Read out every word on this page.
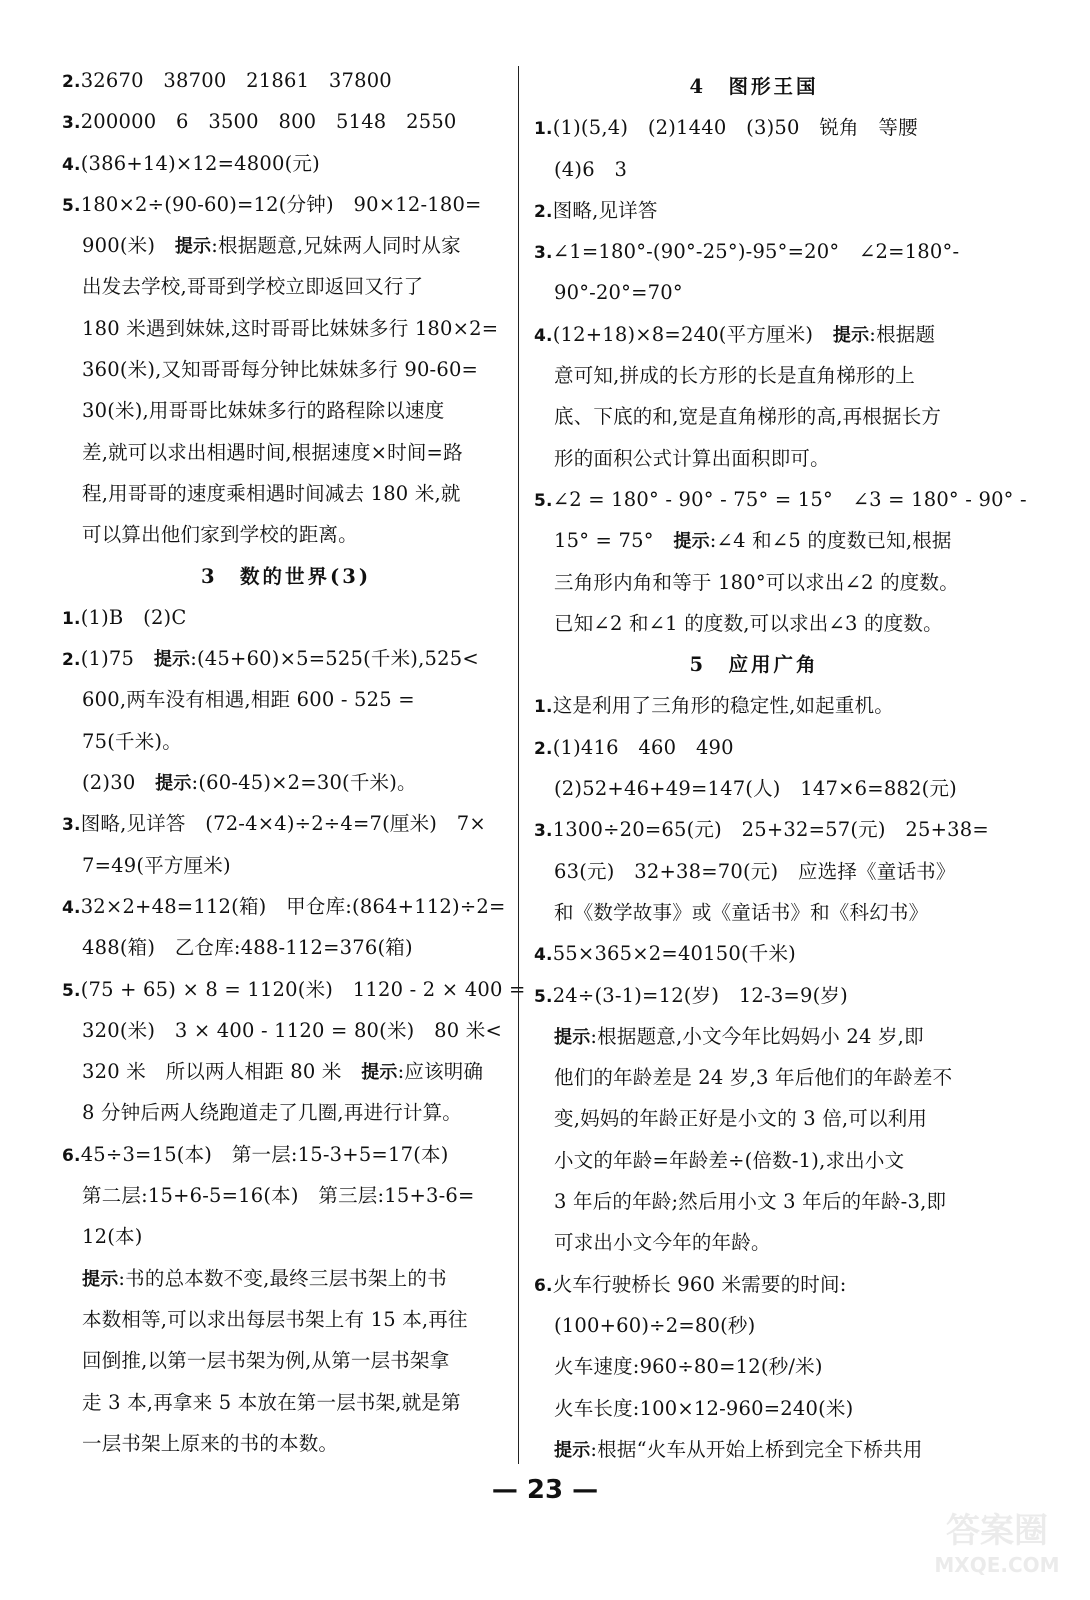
2.32670　38700　21861　37800
3.200000　6　3500　800　5148　2550
4.(386+14)×12=4800(元)
5.180×2÷(90-60)=12(分钟)　90×12-180=
900(米)　提示:根据题意,兄妹两人同时从家
出发去学校,哥哥到学校立即返回又行了
180 米遇到妹妹,这时哥哥比妹妹多行 180×2=
360(米),又知哥哥每分钟比妹妹多行 90-60=
30(米),用哥哥比妹妹多行的路程除以速度
差,就可以求出相遇时间,根据速度×时间=路
程,用哥哥的速度乘相遇时间减去 180 米,就
可以算出他们家到学校的距离。
3　数的世界(3)
1.(1)B　(2)C
2.(1)75　提示:(45+60)×5=525(千米),525<
600,两车没有相遇,相距 600 - 525 =
75(千米)。
(2)30　提示:(60-45)×2=30(千米)。
3.图略,见详答　(72-4×4)÷2÷4=7(厘米)　7×
7=49(平方厘米)
4.32×2+48=112(箱)　甲仓库:(864+112)÷2=
488(箱)　乙仓库:488-112=376(箱)
5.(75 + 65) × 8 = 1120(米)　1120 - 2 × 400 =
320(米)　3 × 400 - 1120 = 80(米)　80 米<
320 米　所以两人相距 80 米　提示:应该明确
8 分钟后两人绕跑道走了几圈,再进行计算。
6.45÷3=15(本)　第一层:15-3+5=17(本)
第二层:15+6-5=16(本)　第三层:15+3-6=
12(本)
提示:书的总本数不变,最终三层书架上的书
本数相等,可以求出每层书架上有 15 本,再往
回倒推,以第一层书架为例,从第一层书架拿
走 3 本,再拿来 5 本放在第一层书架,就是第
一层书架上原来的书的本数。
4　图形王国
1.(1)(5,4)　(2)1440　(3)50　锐角　等腰
(4)6　3
2.图略,见详答
3.∠1=180°-(90°-25°)-95°=20°　∠2=180°-
90°-20°=70°
4.(12+18)×8=240(平方厘米)　提示:根据题
意可知,拼成的长方形的长是直角梯形的上
底、下底的和,宽是直角梯形的高,再根据长方
形的面积公式计算出面积即可。
5.∠2 = 180° - 90° - 75° = 15°　∠3 = 180° - 90° -
15° = 75°　提示:∠4 和∠5 的度数已知,根据
三角形内角和等于 180°可以求出∠2 的度数。
已知∠2 和∠1 的度数,可以求出∠3 的度数。
5　应用广角
1.这是利用了三角形的稳定性,如起重机。
2.(1)416　460　490
(2)52+46+49=147(人)　147×6=882(元)
3.1300÷20=65(元)　25+32=57(元)　25+38=
63(元)　32+38=70(元)　应选择《童话书》
和《数学故事》或《童话书》和《科幻书》
4.55×365×2=40150(千米)
5.24÷(3-1)=12(岁)　12-3=9(岁)
提示:根据题意,小文今年比妈妈小 24 岁,即
他们的年龄差是 24 岁,3 年后他们的年龄差不
变,妈妈的年龄正好是小文的 3 倍,可以利用
小文的年龄=年龄差÷(倍数-1),求出小文
3 年后的年龄;然后用小文 3 年后的年龄-3,即
可求出小文今年的年龄。
6.火车行驶桥长 960 米需要的时间:
(100+60)÷2=80(秒)
火车速度:960÷80=12(秒/米)
火车长度:100×12-960=240(米)
提示:根据“火车从开始上桥到完全下桥共用
— 23 —
答案圈
MXQE.COM
